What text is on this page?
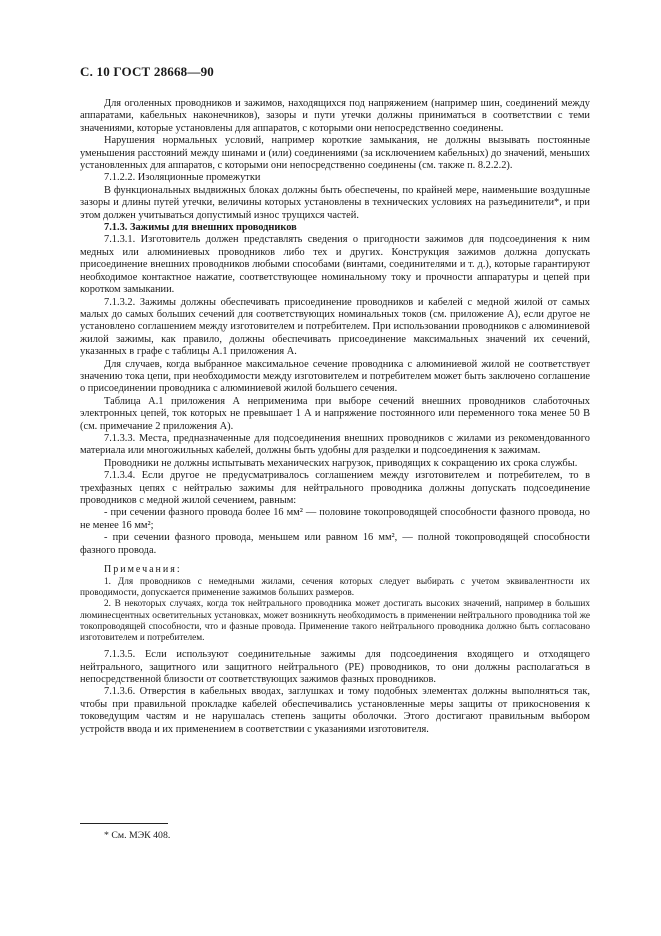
С. 10 ГОСТ 28668—90

Для оголенных проводников и зажимов, находящихся под напряжением (например шин, соединений между аппаратами, кабельных наконечников), зазоры и пути утечки должны приниматься в соответствии с теми значениями, которые установлены для аппаратов, с которыми они непосредственно соединены.

Нарушения нормальных условий, например короткие замыкания, не должны вызывать постоянные уменьшения расстояний между шинами и (или) соединениями (за исключением кабельных) до значений, меньших установленных для аппаратов, с которыми они непосредственно соединены (см. также п. 8.2.2.2).

7.1.2.2. Изоляционные промежутки

В функциональных выдвижных блоках должны быть обеспечены, по крайней мере, наименьшие воздушные зазоры и длины путей утечки, величины которых установлены в технических условиях на разъединители*, и при этом должен учитываться допустимый износ трущихся частей.

7.1.3. Зажимы для внешних проводников

7.1.3.1. Изготовитель должен представлять сведения о пригодности зажимов для подсоединения к ним медных или алюминиевых проводников либо тех и других. Конструкция зажимов должна допускать присоединение внешних проводников любыми способами (винтами, соединителями и т. д.), которые гарантируют необходимое контактное нажатие, соответствующее номинальному току и прочности аппаратуры и цепей при коротком замыкании.

7.1.3.2. Зажимы должны обеспечивать присоединение проводников и кабелей с медной жилой от самых малых до самых больших сечений для соответствующих номинальных токов (см. приложение А), если другое не установлено соглашением между изготовителем и потребителем. При использовании проводников с алюминиевой жилой зажимы, как правило, должны обеспечивать присоединение максимальных значений их сечений, указанных в графе c таблицы А.1 приложения А.

Для случаев, когда выбранное максимальное сечение проводника с алюминиевой жилой не соответствует значению тока цепи, при необходимости между изготовителем и потребителем может быть заключено соглашение о присоединении проводника с алюминиевой жилой большего сечения.

Таблица А.1 приложения А неприменима при выборе сечений внешних проводников слаботочных электронных цепей, ток которых не превышает 1 А и напряжение постоянного или переменного тока менее 50 В (см. примечание 2 приложения А).

7.1.3.3. Места, предназначенные для подсоединения внешних проводников с жилами из рекомендованного материала или многожильных кабелей, должны быть удобны для разделки и подсоединения к зажимам.

Проводники не должны испытывать механических нагрузок, приводящих к сокращению их срока службы.

7.1.3.4. Если другое не предусматривалось соглашением между изготовителем и потребителем, то в трехфазных цепях с нейтралью зажимы для нейтрального проводника должны допускать подсоединение проводников с медной жилой сечением, равным:

- при сечении фазного провода более 16 мм² — половине токопроводящей способности фазного провода, но не менее 16 мм²;

- при сечении фазного провода, меньшем или равном 16 мм², — полной токопроводящей способности фазного провода.

Примечания:

1. Для проводников с немедными жилами, сечения которых следует выбирать с учетом эквивалентности их проводимости, допускается применение зажимов больших размеров.

2. В некоторых случаях, когда ток нейтрального проводника может достигать высоких значений, например в больших люминесцентных осветительных установках, может возникнуть необходимость в применении нейтрального проводника той же токопроводящей способности, что и фазные провода. Применение такого нейтрального проводника должно быть согласовано изготовителем и потребителем.

7.1.3.5. Если используют соединительные зажимы для подсоединения входящего и отходящего нейтрального, защитного или защитного нейтрального (РЕ) проводников, то они должны располагаться в непосредственной близости от соответствующих зажимов фазных проводников.

7.1.3.6. Отверстия в кабельных вводах, заглушках и тому подобных элементах должны выполняться так, чтобы при правильной прокладке кабелей обеспечивались установленные меры защиты от прикосновения к токоведущим частям и не нарушалась степень защиты оболочки. Этого достигают правильным выбором устройств ввода и их применением в соответствии с указаниями изготовителя.

* См. МЭК 408.
